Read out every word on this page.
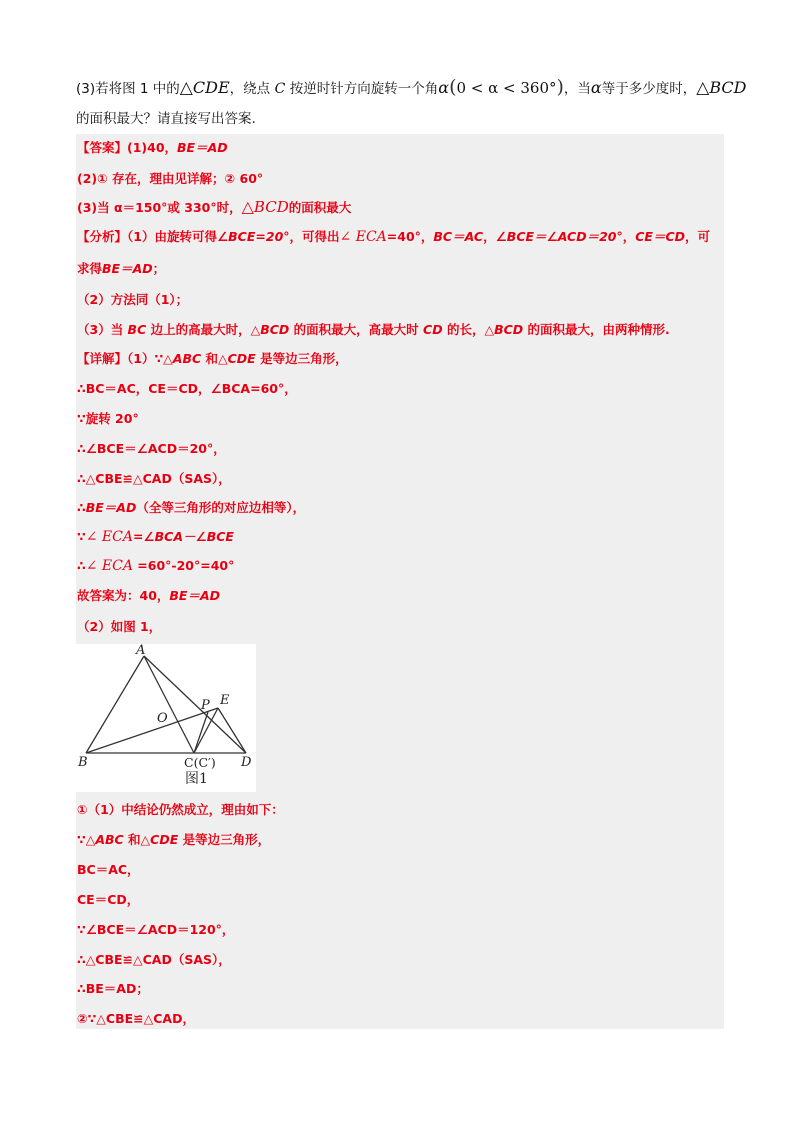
(3)若将图 1 中的△CDE，绕点 C 按逆时针方向旋转一个角α(0 < α < 360°)，当α等于多少度时，△BCD
的面积最大？请直接写出答案.
【答案】(1)40，BE＝AD
(2)① 存在，理由见详解；② 60°
(3)当 α＝150°或 330°时，△BCD的面积最大
【分析】（1）由旋转可得∠BCE=20°，可得出∠ ECA=40°，BC＝AC，∠BCE＝∠ACD＝20°，CE＝CD，可
求得BE＝AD；
（2）方法同（1）；
（3）当 BC 边上的高最大时，△BCD 的面积最大，高最大时 CD 的长，△BCD 的面积最大，由两种情形.
【详解】（1）∵△ABC 和△CDE 是等边三角形，
∴BC＝AC，CE＝CD，∠BCA=60°，
∵旋转 20°
∴∠BCE＝∠ACD＝20°，
∴△CBE≌△CAD（SAS），
∴BE＝AD（全等三角形的对应边相等），
∵∠ ECA=∠BCA－∠BCE
∴∠ ECA =60°-20°=40°
故答案为：40，BE＝AD
（2）如图 1，
①（1）中结论仍然成立，理由如下：
∵△ABC 和△CDE 是等边三角形，
BC＝AC，
CE＝CD，
∵∠BCE＝∠ACD＝120°，
∴△CBE≌△CAD（SAS），
∴BE＝AD；
②∵△CBE≌△CAD，
A
B	C(C′) D
E
P
O
图1
